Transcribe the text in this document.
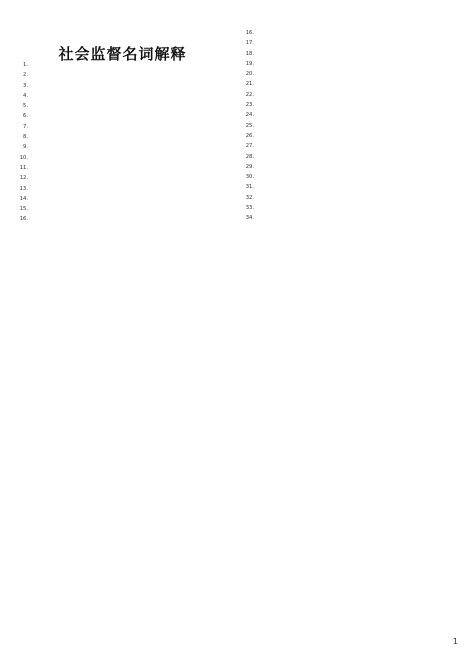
社会监督名词解释
1.
2.
3.
4.
5.
6.
7.
8.
9.
10.
11.
12.
13.
14.
15.
16.
16.
17.
18.
19.
20.
21.
22.
23.
24.
25.
26.
27.
28.
29.
30.
31.
32.
33.
34.
1
